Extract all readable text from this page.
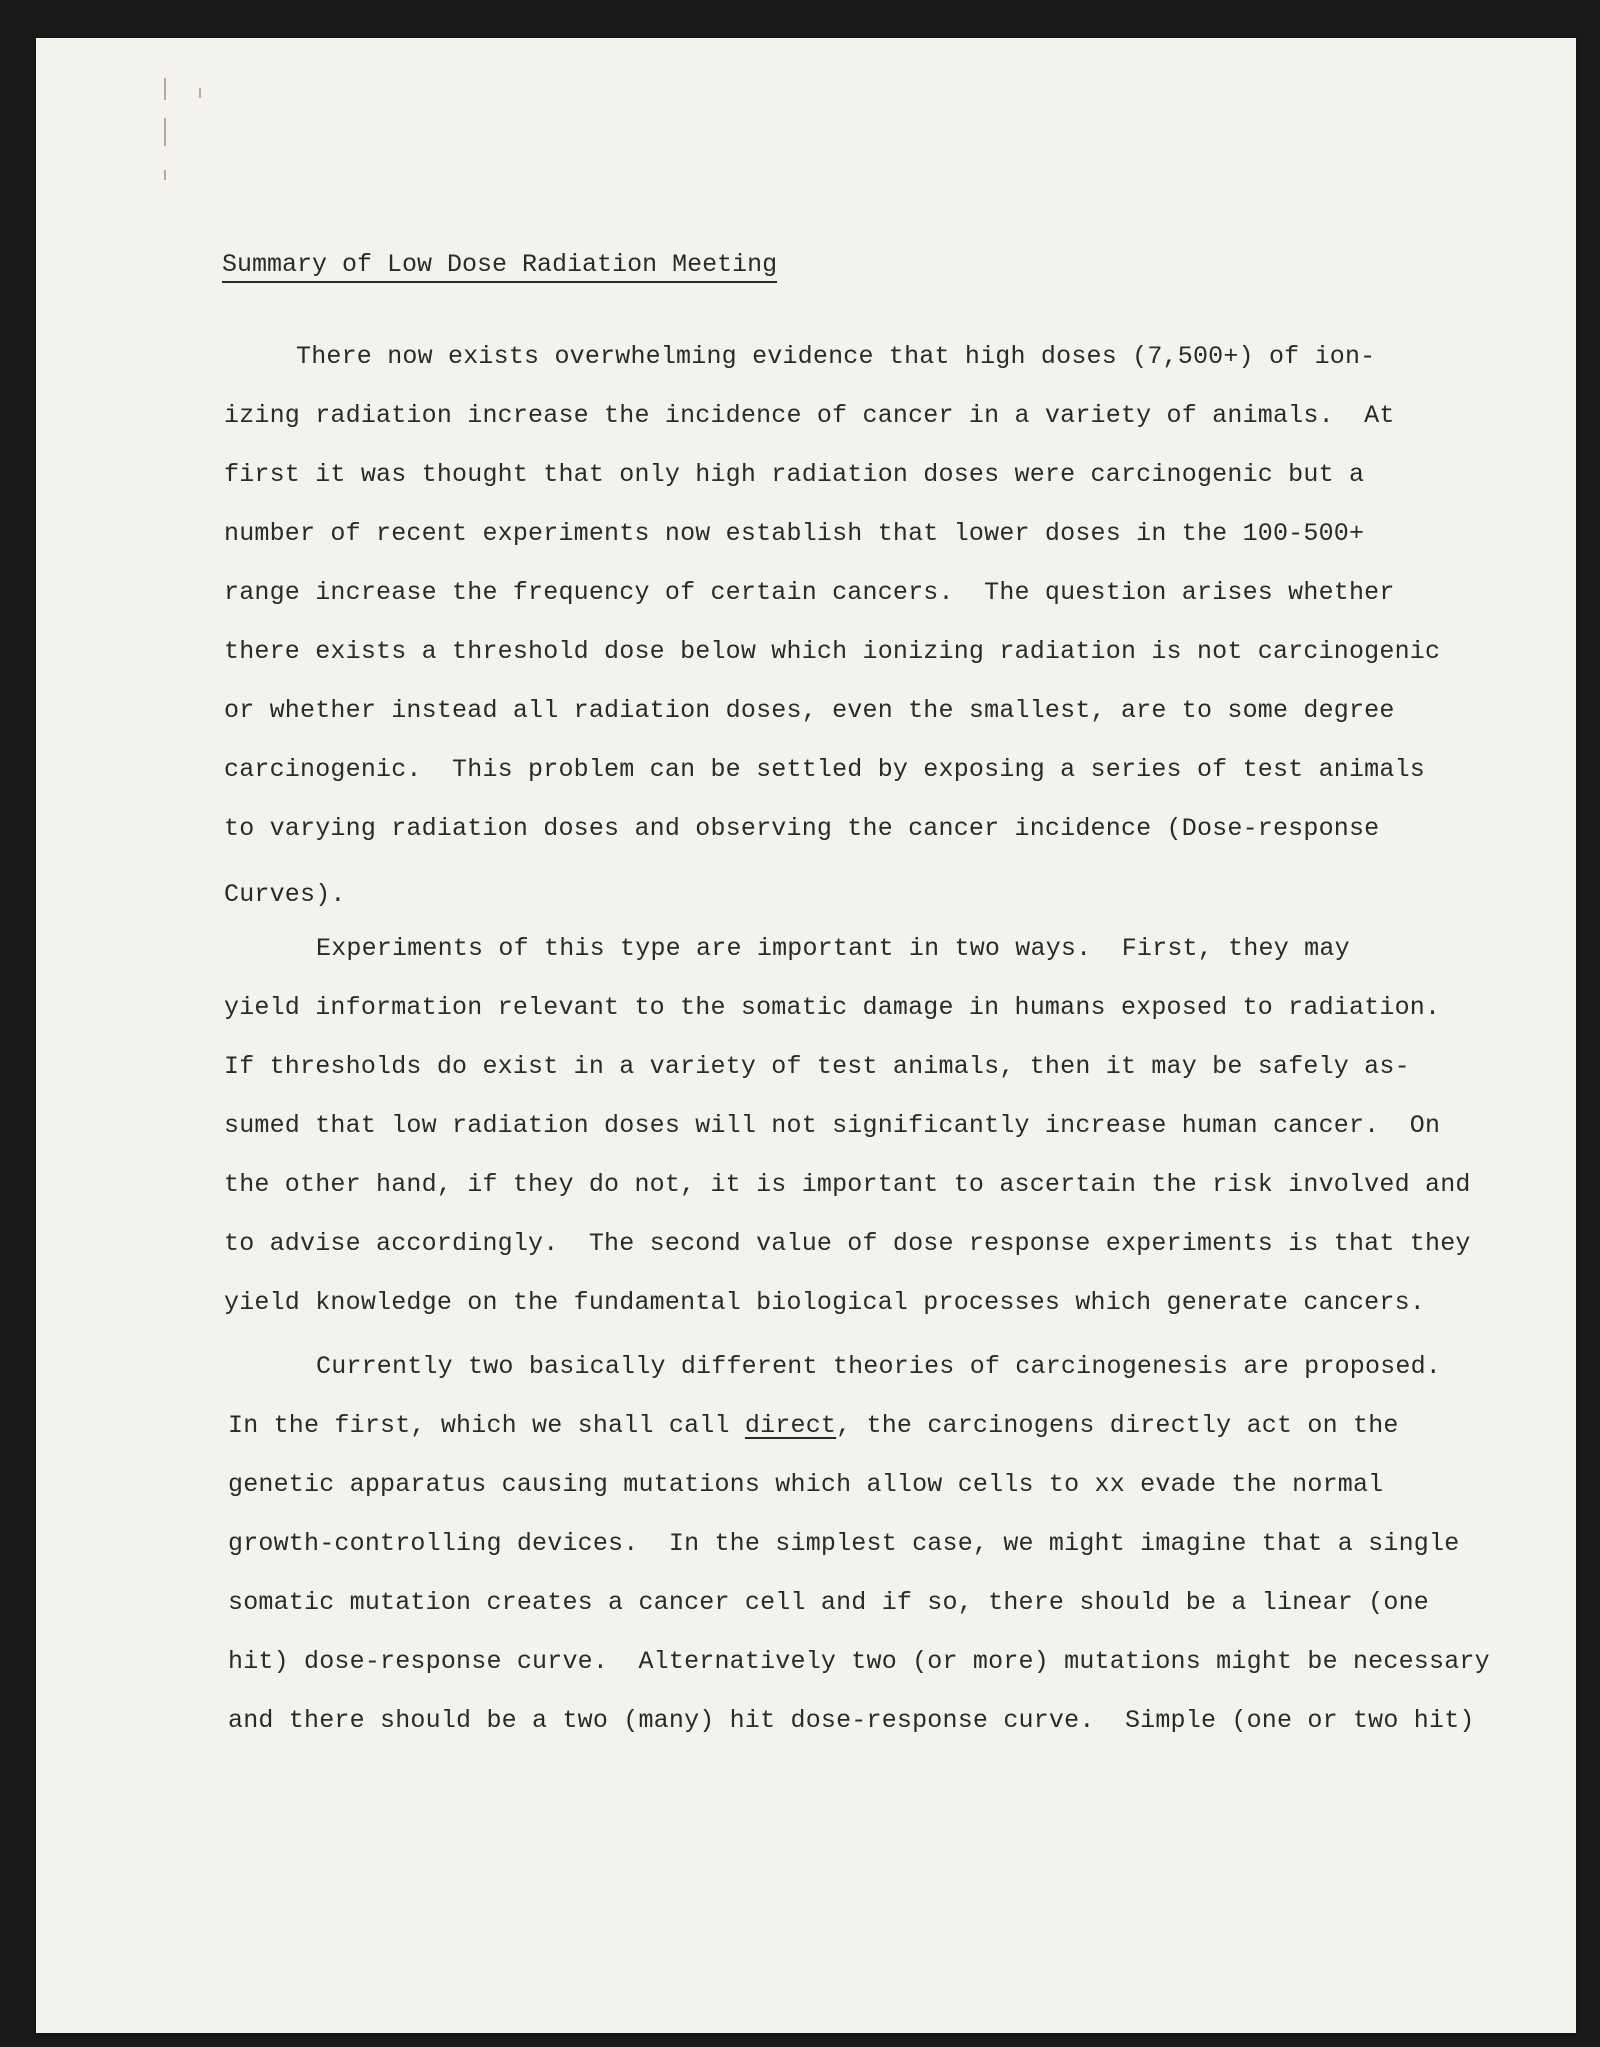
Summary of Low Dose Radiation Meeting
There now exists overwhelming evidence that high doses (7,500+) of ion-
izing radiation increase the incidence of cancer in a variety of animals.  At
first it was thought that only high radiation doses were carcinogenic but a
number of recent experiments now establish that lower doses in the 100-500+
range increase the frequency of certain cancers.  The question arises whether
there exists a threshold dose below which ionizing radiation is not carcinogenic
or whether instead all radiation doses, even the smallest, are to some degree
carcinogenic.  This problem can be settled by exposing a series of test animals
to varying radiation doses and observing the cancer incidence (Dose-response
Curves).
Experiments of this type are important in two ways.  First, they may
yield information relevant to the somatic damage in humans exposed to radiation.
If thresholds do exist in a variety of test animals, then it may be safely as-
sumed that low radiation doses will not significantly increase human cancer.  On
the other hand, if they do not, it is important to ascertain the risk involved and
to advise accordingly.  The second value of dose response experiments is that they
yield knowledge on the fundamental biological processes which generate cancers.
Currently two basically different theories of carcinogenesis are proposed.
In the first, which we shall call direct, the carcinogens directly act on the
genetic apparatus causing mutations which allow cells to xx evade the normal
growth-controlling devices.  In the simplest case, we might imagine that a single
somatic mutation creates a cancer cell and if so, there should be a linear (one
hit) dose-response curve.  Alternatively two (or more) mutations might be necessary
and there should be a two (many) hit dose-response curve.  Simple (one or two hit)
